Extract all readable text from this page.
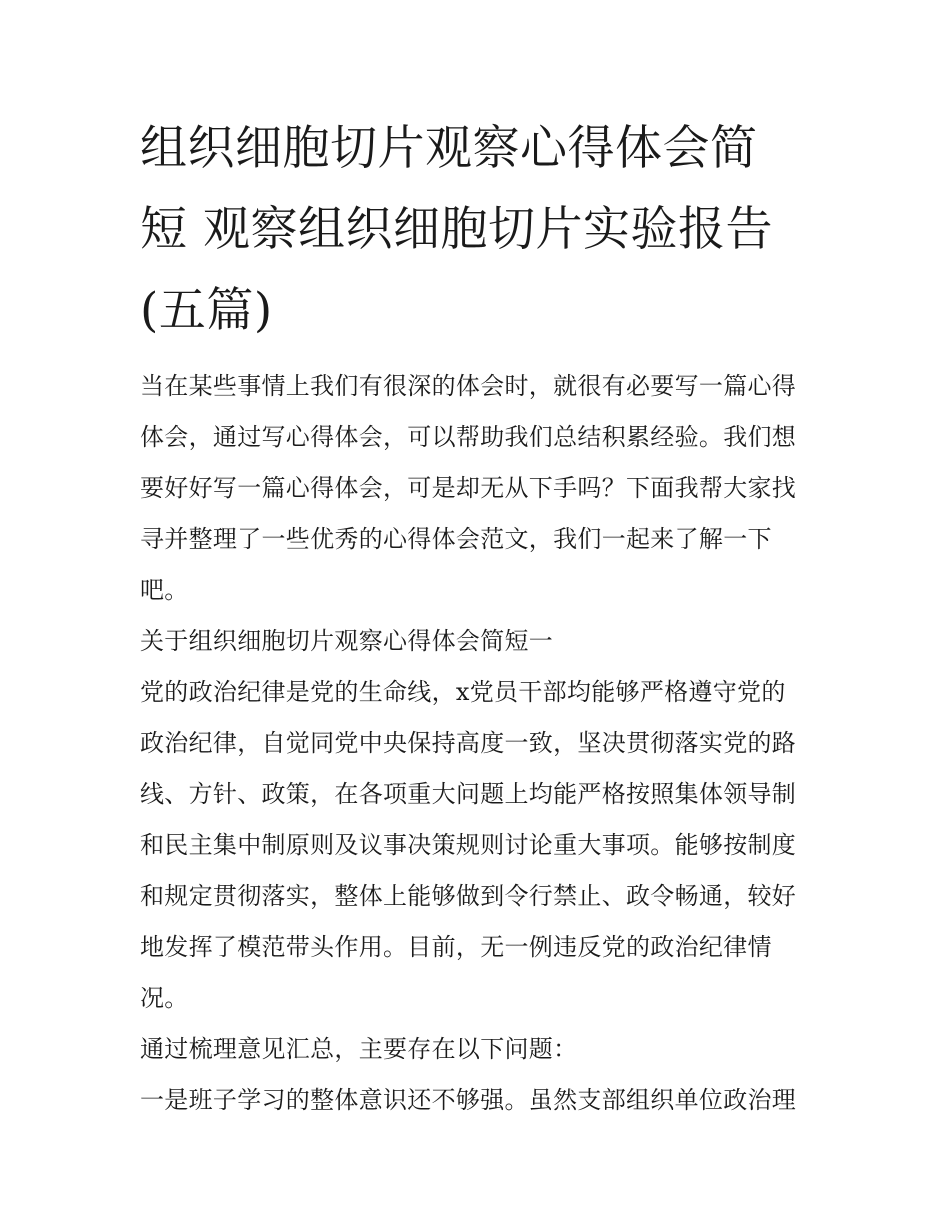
组织细胞切片观察心得体会简
短 观察组织细胞切片实验报告
(五篇)

当在某些事情上我们有很深的体会时，就很有必要写一篇心得
体会，通过写心得体会，可以帮助我们总结积累经验。我们想
要好好写一篇心得体会，可是却无从下手吗？下面我帮大家找
寻并整理了一些优秀的心得体会范文，我们一起来了解一下
吧。

关于组织细胞切片观察心得体会简短一

党的政治纪律是党的生命线，x党员干部均能够严格遵守党的
政治纪律，自觉同党中央保持高度一致，坚决贯彻落实党的路
线、方针、政策，在各项重大问题上均能严格按照集体领导制
和民主集中制原则及议事决策规则讨论重大事项。能够按制度
和规定贯彻落实，整体上能够做到令行禁止、政令畅通，较好
地发挥了模范带头作用。目前，无一例违反党的政治纪律情
况。

通过梳理意见汇总，主要存在以下问题：

一是班子学习的整体意识还不够强。虽然支部组织单位政治理
